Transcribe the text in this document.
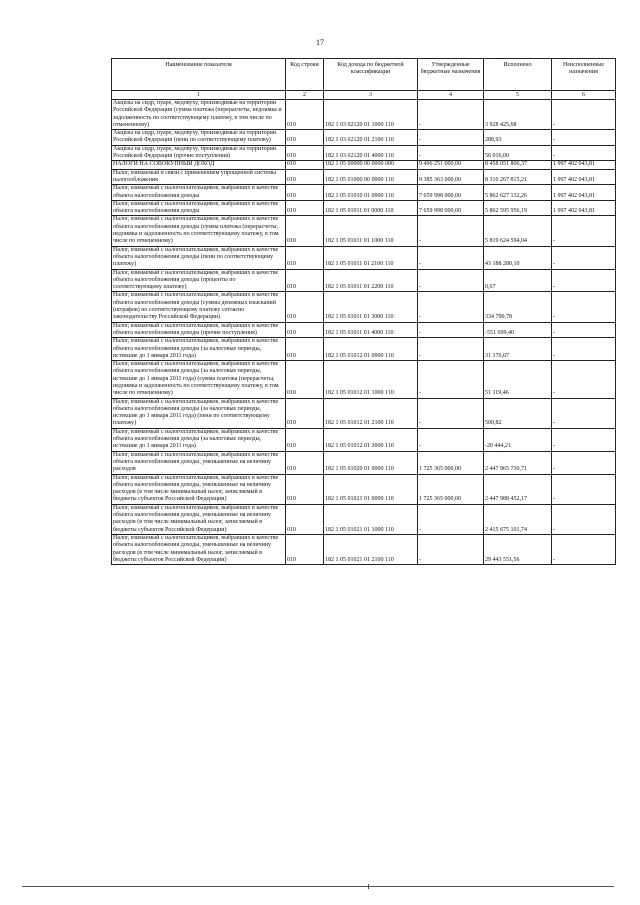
17
Наименование показателя	Код строки	Код дохода по бюджетной классификации	Утвержденные бюджетные назначения	Исполнено	Неисполненные назначения
1	2	3	4	5	6
Акцизы на сидр, пуаре, медовуху, производимые на территории Российской Федерации (сумма платежа (перерасчеты, недоимка и задолженность по соответствующему платежу, в том числе по отмененному)	010	182 1 03 02120 01 1000 110	-	3 928 425,68	-
Акцизы на сидр, пуаре, медовуху, производимые на территории Российской Федерации (пени по соответствующему платежу)	010	182 1 03 02120 01 2100 110	-	288,93	-
Акцизы на сидр, пуаре, медовуху, производимые на территории Российской Федерации (прочие поступления)	010	182 1 03 02120 01 4000 110	-	56 016,00	-
НАЛОГИ НА СОВОКУПНЫЙ ДОХОД	010	182 1 05 00000 00 0000 000	9 496 251 000,00	8 458 051 806,37	1 997 402 043,81
Налог, взимаемый в связи с применением упрощенной системы налогообложения	010	182 1 05 01000 00 0000 110	9 385 363 000,00	8 310 267 815,21	1 997 402 043,81
Налог, взимаемый с налогоплательщиков, выбравших в качестве объекта налогообложения доходы	010	182 1 05 01010 01 0000 110	7 659 998 000,00	5 862 627 132,26	1 997 402 043,81
Налог, взимаемый с налогоплательщиков, выбравших в качестве объекта налогообложения доходы	010	182 1 05 01011 01 0000 110	7 659 998 000,00	5 862 595 956,19	1 997 402 043,81
Налог, взимаемый с налогоплательщиков, выбравших в качестве объекта налогообложения доходы (сумма платежа (перерасчеты, недоимка и задолженность по соответствующему платежу, в том числе по отмененному)	010	182 1 05 01011 01 1000 110	-	5 819 624 594,04	-
Налог, взимаемый с налогоплательщиков, выбравших в качестве объекта налогообложения доходы (пени по соответствующему платежу)	010	182 1 05 01011 01 2100 110	-	43 188 280,10	-
Налог, взимаемый с налогоплательщиков, выбравших в качестве объекта налогообложения доходы (проценты по соответствующему платежу)	010	182 1 05 01011 01 2200 110	-	0,67	-
Налог, взимаемый с налогоплательщиков, выбравших в качестве объекта налогообложения доходы (суммы денежных взысканий (штрафов) по соответствующему платежу согласно законодательству Российской Федерации)	010	182 1 05 01011 01 3000 110	-	334 790,78	-
Налог, взимаемый с налогоплательщиков, выбравших в качестве объекта налогообложения доходы (прочие поступления)	010	182 1 05 01011 01 4000 110	-	-551 699,40	-
Налог, взимаемый с налогоплательщиков, выбравших в качестве объекта налогообложения доходы (за налоговые периоды, истекшие до 1 января 2011 года)	010	182 1 05 01012 01 0000 110	-	31 176,07	-
Налог, взимаемый с налогоплательщиков, выбравших в качестве объекта налогообложения доходы (за налоговые периоды, истекшие до 1 января 2011 года) (сумма платежа (перерасчеты, недоимка и задолженность по соответствующему платежу, в том числе по отмененному)	010	182 1 05 01012 01 1000 110	-	51 119,46	-
Налог, взимаемый с налогоплательщиков, выбравших в качестве объекта налогообложения доходы (за налоговые периоды, истекшие до 1 января 2011 года) (пени по соответствующему платежу)	010	182 1 05 01012 01 2100 110	-	500,82	-
Налог, взимаемый с налогоплательщиков, выбравших в качестве объекта налогообложения доходы (за налоговые периоды, истекшие до 1 января 2011 года)	010	182 1 05 01012 01 3000 110	-	-20 444,21	-
Налог, взимаемый с налогоплательщиков, выбравших в качестве объекта налогообложения доходы, уменьшенные на величину расходов	010	182 1 05 01020 01 0000 110	1 725 365 000,00	2 447 965 730,71	-
Налог, взимаемый с налогоплательщиков, выбравших в качестве объекта налогообложения доходы, уменьшенные на величину расходов (в том числе минимальный налог, зачисляемый в бюджеты субъектов Российской Федерации)	010	182 1 05 01021 01 0000 110	1 725 365 000,00	2 447 988 452,17	-
Налог, взимаемый с налогоплательщиков, выбравших в качестве объекта налогообложения доходы, уменьшенные на величину расходов (в том числе минимальный налог, зачисляемый в бюджеты субъектов Российской Федерации)	010	182 1 05 01021 01 1000 110	-	2 415 675 101,74	-
Налог, взимаемый с налогоплательщиков, выбравших в качестве объекта налогообложения доходы, уменьшенные на величину расходов (в том числе минимальный налог, зачисляемый в бюджеты субъектов Российской Федерации)	010	182 1 05 01021 01 2100 110	-	29 443 551,56	-
